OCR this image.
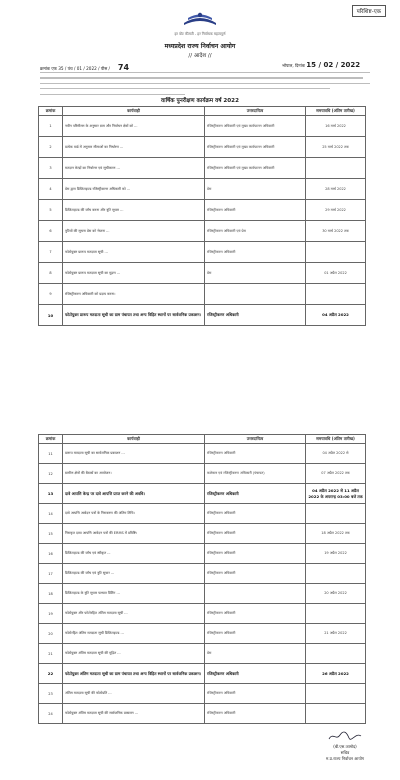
परिशिष्ट-एक
हर वोट कीमती - हर निर्वाचक महत्वपूर्ण
मध्यप्रदेश राज्य निर्वाचन आयोग
// आदेश //
क्रमांक एफ 35 / पंच / 01 / 2022 / पीस / 74	भोपाल, दिनांक 15 / 02 / 2022
वार्षिक पुनरीक्षण कार्यक्रम वर्ष 2022
क्रमांक	कार्यवाही	उत्तरदायित्व	समयावधि (अंतिम तारीख)
1	नवीन परिसीमन के अनुसार ग्राम और निर्वाचन क्षेत्रों को ...	रजिस्ट्रीकरण अधिकारी एवं मुख्य कार्यपालन अधिकारी	16 मार्च 2022
2	प्रत्येक वार्ड में अनुसार सीमाओं का निर्धारण ...	रजिस्ट्रीकरण अधिकारी एवं मुख्य कार्यपालन अधिकारी	25 मार्च 2022 तक
3	मतदान केन्द्रों का निर्धारण एवं सूचीकरण ...	रजिस्ट्रीकरण अधिकारी एवं मुख्य कार्यपालन अधिकारी	
4	प्रेस द्वारा डिजिटाइज्ड रजिस्ट्रीकरण अधिकारी को ...	प्रेस	28 मार्च 2022
5	डिजिटाइज्ड की जाँच करना और त्रुटि सुधार ...	रजिस्ट्रीकरण अधिकारी	29 मार्च 2022
6	त्रुटियों की सूचना प्रेस को भेजना ...	रजिस्ट्रीकरण अधिकारी एवं प्रेस	30 मार्च 2022 तक
7	फोटोयुक्त प्रारूप मतदाता सूची ...	रजिस्ट्रीकरण अधिकारी	
8	फोटोयुक्त प्रारूप मतदाता सूची का मुद्रण ...	प्रेस	01 अप्रैल 2022
9	रजिस्ट्रीकरण अधिकारी को प्रदाय करना।		
10	फोटोयुक्त प्रारूप मतदाता सूची का ग्राम पंचायत तथा अन्य विहित स्थानों पर सार्वजनिक प्रकाशन।	रजिस्ट्रीकरण अधिकारी	04 अप्रैल 2022
क्रमांक	कार्यवाही	उत्तरदायित्व	समयावधि (अंतिम तारीख)
11	प्रारूप मतदाता सूची का सार्वजनिक प्रकाशन ...	रजिस्ट्रीकरण अधिकारी	04 अप्रैल 2022 से
12	ग्रामीण क्षेत्रों की बैठकों का आयोजन।	कलेक्टर एवं रजिस्ट्रीकरण अधिकारी (पंचायत)	07 अप्रैल 2022 तक
13	दावे आपत्ति केन्द्र पर दावे आपत्ति प्राप्त करने की अवधि।	रजिस्ट्रीकरण अधिकारी	04 अप्रैल 2022 से 11 अप्रैल 2022 के अपरान्ह 03:00 बजे तक
14	दावे आपत्ति आवेदन पत्रों के निराकरण की अंतिम तिथि।	रजिस्ट्रीकरण अधिकारी	
15	निराकृत दावा आपत्ति आवेदन पत्रों की ERMS में प्रविष्टि।	रजिस्ट्रीकरण अधिकारी	18 अप्रैल 2022 तक
16	डिजिटाइज्ड की जाँच एवं स्वीकृत ...	रजिस्ट्रीकरण अधिकारी	19 अप्रैल 2022
17	डिजिटाइज्ड की जाँच एवं त्रुटि सुधार ...	रजिस्ट्रीकरण अधिकारी	
18	डिजिटाइज्ड के त्रुटि सुधार पश्चात प्रिंटिंग ...		20 अप्रैल 2022
19	फोटोयुक्त और फोटोरहित अंतिम मतदाता सूची ...	रजिस्ट्रीकरण अधिकारी	
20	फोटोरहित अंतिम मतदाता सूची डिजिटाइज्ड ...	रजिस्ट्रीकरण अधिकारी	21 अप्रैल 2022
21	फोटोयुक्त अंतिम मतदाता सूची की मुद्रित ...	प्रेस	
22	फोटोयुक्त अंतिम मतदाता सूची का ग्राम पंचायत तथा अन्य विहित स्थानों पर सार्वजनिक प्रकाशन।	रजिस्ट्रीकरण अधिकारी	26 अप्रैल 2022
23	अंतिम मतदाता सूची की फोटोप्रति ...	रजिस्ट्रीकरण अधिकारी	
24	फोटोयुक्त अंतिम मतदाता सूची की सार्वजनिक प्रकाशन ...	रजिस्ट्रीकरण अधिकारी	
(बी.एस.जामोद)
सचिव
म.प्र.राज्य निर्वाचन आयोग
